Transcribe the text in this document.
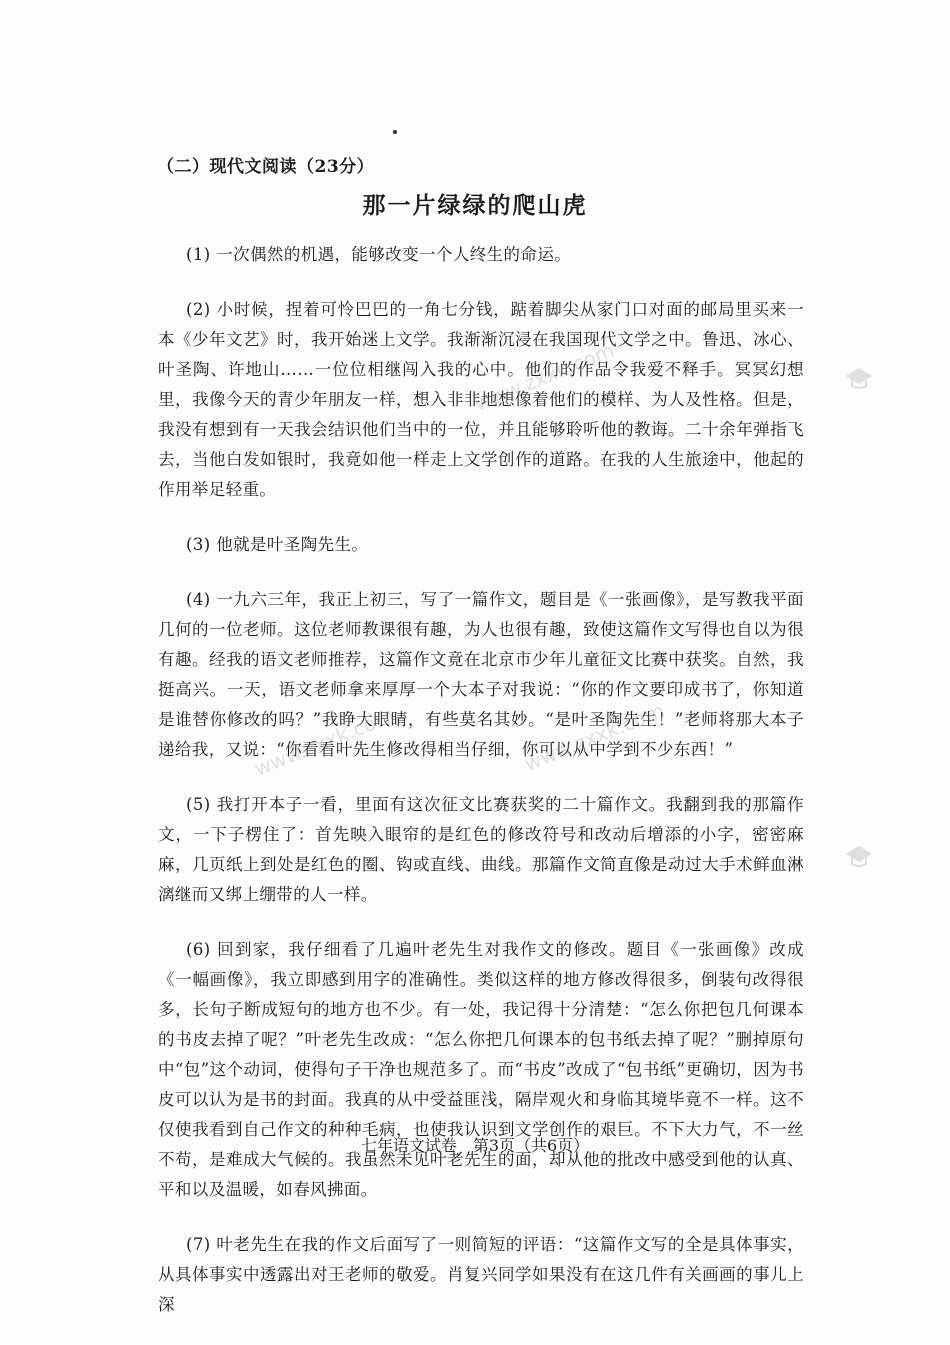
（二）现代文阅读（23分）
那一片绿绿的爬山虎

(1) 一次偶然的机遇，能够改变一个人终生的命运。

(2) 小时候，捏着可怜巴巴的一角七分钱，踮着脚尖从家门口对面的邮局里买来一本《少年文艺》时，我开始迷上文学。我渐渐沉浸在我国现代文学之中。鲁迅、冰心、叶圣陶、许地山……一位位相继闯入我的心中。他们的作品令我爱不释手。冥冥幻想里，我像今天的青少年朋友一样，想入非非地想像着他们的模样、为人及性格。但是，我没有想到有一天我会结识他们当中的一位，并且能够聆听他的教诲。二十余年弹指飞去，当他白发如银时，我竟如他一样走上文学创作的道路。在我的人生旅途中，他起的作用举足轻重。

(3) 他就是叶圣陶先生。

(4) 一九六三年，我正上初三，写了一篇作文，题目是《一张画像》，是写教我平面几何的一位老师。这位老师教课很有趣，为人也很有趣，致使这篇作文写得也自以为很有趣。经我的语文老师推荐，这篇作文竟在北京市少年儿童征文比赛中获奖。自然，我挺高兴。一天，语文老师拿来厚厚一个大本子对我说：“你的作文要印成书了，你知道是谁替你修改的吗？”我睁大眼睛，有些莫名其妙。“是叶圣陶先生！”老师将那大本子递给我，又说：“你看看叶先生修改得相当仔细，你可以从中学到不少东西！”

(5) 我打开本子一看，里面有这次征文比赛获奖的二十篇作文。我翻到我的那篇作文，一下子楞住了：首先映入眼帘的是红色的修改符号和改动后增添的小字，密密麻麻，几页纸上到处是红色的圈、钩或直线、曲线。那篇作文简直像是动过大手术鲜血淋漓继而又绑上绷带的人一样。

(6) 回到家，我仔细看了几遍叶老先生对我作文的修改。题目《一张画像》改成《一幅画像》，我立即感到用字的准确性。类似这样的地方修改得很多，倒装句改得很多，长句子断成短句的地方也不少。有一处，我记得十分清楚：“怎么你把包几何课本的书皮去掉了呢？”叶老先生改成：“怎么你把几何课本的包书纸去掉了呢？”删掉原句中“包”这个动词，使得句子干净也规范多了。而“书皮”改成了“包书纸”更确切，因为书皮可以认为是书的封面。我真的从中受益匪浅，隔岸观火和身临其境毕竟不一样。这不仅使我看到自己作文的种种毛病，也使我认识到文学创作的艰巨。不下大力气，不一丝不苟，是难成大气候的。我虽然未见叶老先生的面，却从他的批改中感受到他的认真、平和以及温暖，如春风拂面。

(7) 叶老先生在我的作文后面写了一则简短的评语：“这篇作文写的全是具体事实，从具体事实中透露出对王老师的敬爱。肖复兴同学如果没有在这几件有关画画的事儿上深

七年语文试卷　第3页（共6页）
www.zxxk.com	www.zxxk.com
www.zxxk.com
